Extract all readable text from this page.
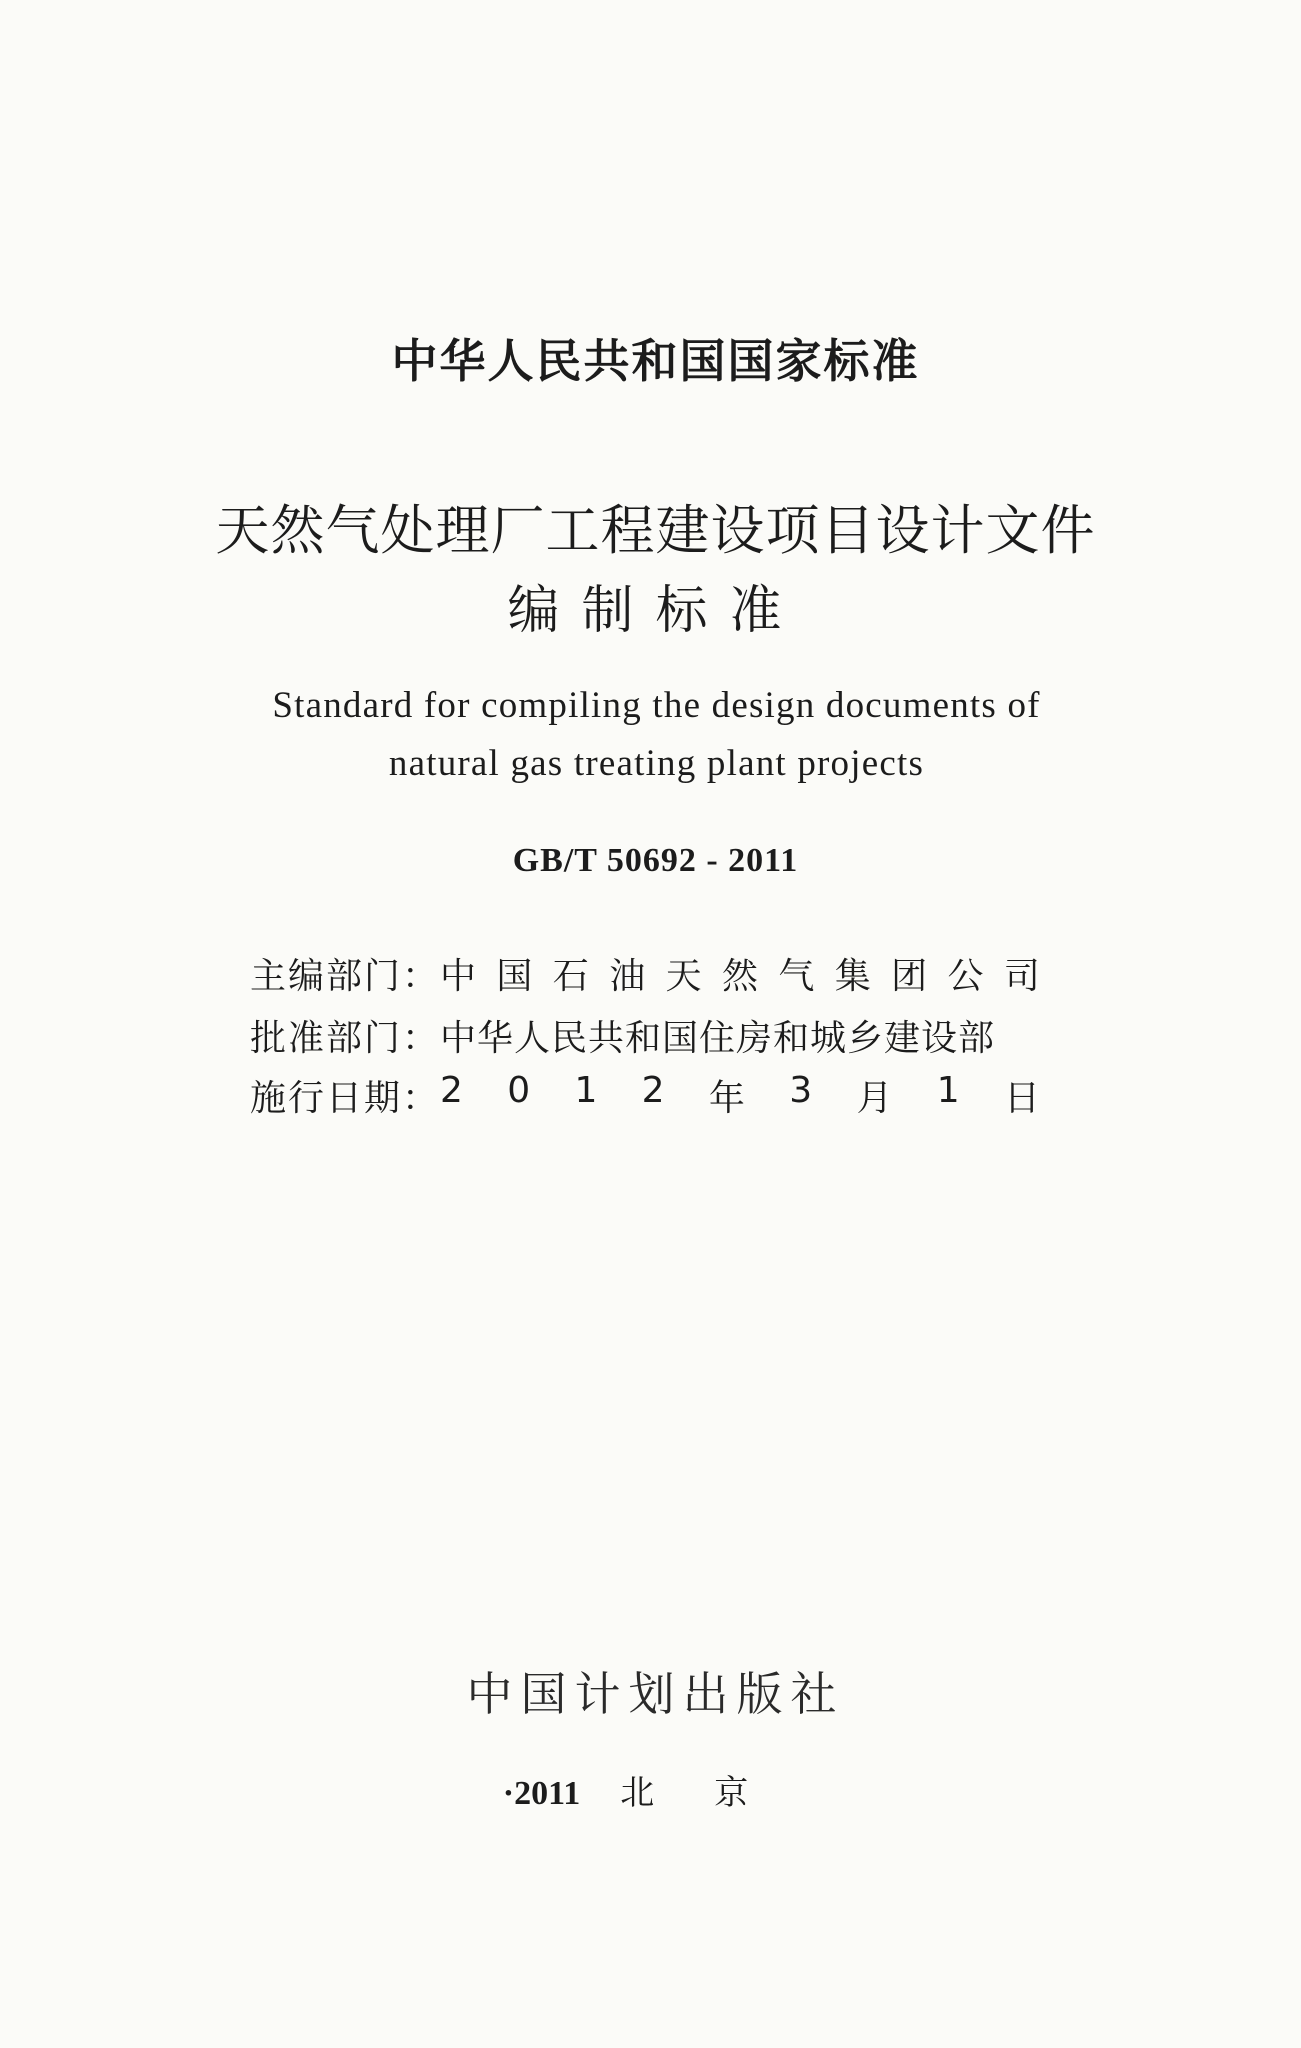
中华人民共和国国家标准
天然气处理厂工程建设项目设计文件
编制标准
Standard for compiling the design documents of
natural gas treating plant projects
GB/T 50692 - 2011
主编部门： 中 国 石 油 天 然 气 集 团 公 司
批准部门： 中华人民共和国住房和城乡建设部
施行日期： 2 0 1 2 年 3 月 1 日
中国计划出版社
·2011 北京
